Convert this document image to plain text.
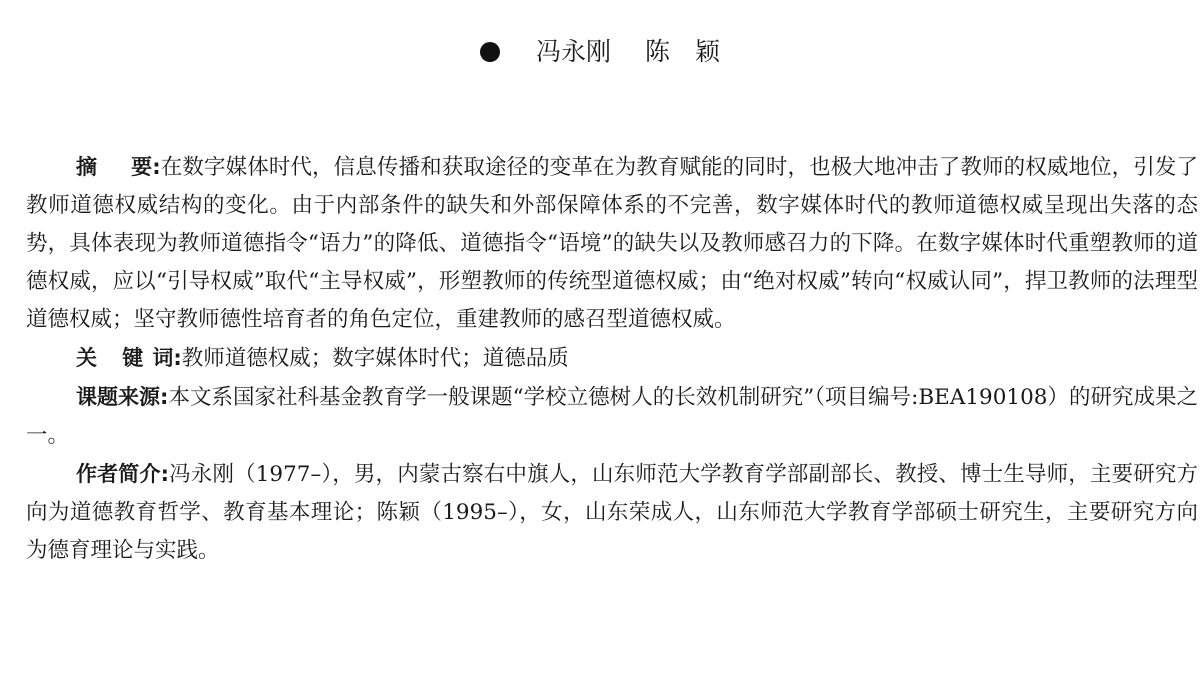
冯永刚 陈　颖

摘要:在数字媒体时代，信息传播和获取途径的变革在为教育赋能的同时，也极大地冲击了教师的权威地位，引发了教师道德权威结构的变化。由于内部条件的缺失和外部保障体系的不完善，数字媒体时代的教师道德权威呈现出失落的态势，具体表现为教师道德指令“语力”的降低、道德指令“语境”的缺失以及教师感召力的下降。在数字媒体时代重塑教师的道德权威，应以“引导权威”取代“主导权威”，形塑教师的传统型道德权威；由“绝对权威”转向“权威认同”，捍卫教师的法理型道德权威；坚守教师德性培育者的角色定位，重建教师的感召型道德权威。

关 键词:教师道德权威；数字媒体时代；道德品质

课题来源:本文系国家社科基金教育学一般课题“学校立德树人的长效机制研究”（项目编号:BEA190108）的研究成果之一。

作者简介:冯永刚（1977–），男，内蒙古察右中旗人，山东师范大学教育学部副部长、教授、博士生导师，主要研究方向为道德教育哲学、教育基本理论；陈颖（1995–），女，山东荣成人，山东师范大学教育学部硕士研究生，主要研究方向为德育理论与实践。
